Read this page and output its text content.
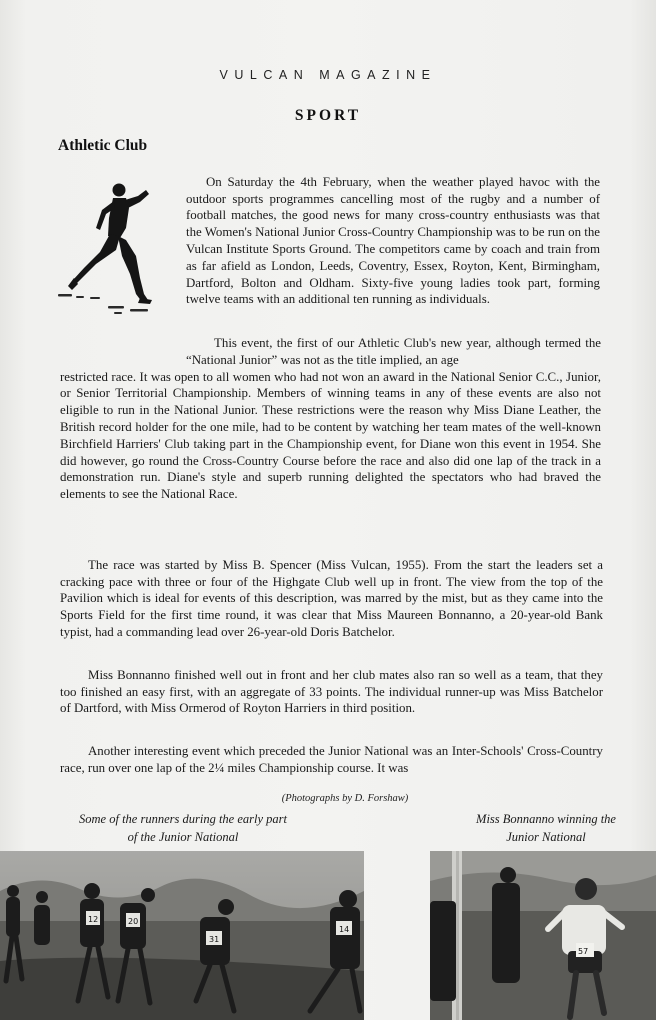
VULCAN MAGAZINE
SPORT
Athletic Club

On Saturday the 4th February, when the weather played havoc with the outdoor sports programmes cancelling most of the rugby and a number of football matches, the good news for many cross-country enthusiasts was that the Women's National Junior Cross-Country Championship was to be run on the Vulcan Institute Sports Ground. The competitors came by coach and train from as far afield as London, Leeds, Coventry, Essex, Royton, Kent, Birmingham, Dartford, Bolton and Oldham. Sixty-five young ladies took part, forming twelve teams with an additional ten running as individuals.

This event, the first of our Athletic Club's new year, although termed the “National Junior” was not as the title implied, an age
restricted race. It was open to all women who had not won an award in the National Senior C.C., Junior, or Senior Territorial Championship. Members of winning teams in any of these events are also not eligible to run in the National Junior. These restrictions were the reason why Miss Diane Leather, the British record holder for the one mile, had to be content by watching her team mates of the well-known Birchfield Harriers' Club taking part in the Championship event, for Diane won this event in 1954. She did however, go round the Cross-Country Course before the race and also did one lap of the track in a demonstration run. Diane's style and superb running delighted the spectators who had braved the elements to see the National Race.

The race was started by Miss B. Spencer (Miss Vulcan, 1955). From the start the leaders set a cracking pace with three or four of the Highgate Club well up in front. The view from the top of the Pavilion which is ideal for events of this description, was marred by the mist, but as they came into the Sports Field for the first time round, it was clear that Miss Maureen Bonnanno, a 20-year-old Bank typist, had a commanding lead over 26-year-old Doris Batchelor.

Miss Bonnanno finished well out in front and her club mates also ran so well as a team, that they too finished an easy first, with an aggregate of 33 points. The individual runner-up was Miss Batchelor of Dartford, with Miss Ormerod of Royton Harriers in third position.

Another interesting event which preceded the Junior National was an Inter-Schools' Cross-Country race, run over one lap of the 2¼ miles Championship course. It was

(Photographs by D. Forshaw)
Some of the runners during the early part
of the Junior National
Miss Bonnanno winning the
Junior National
12	20
31
14
57
